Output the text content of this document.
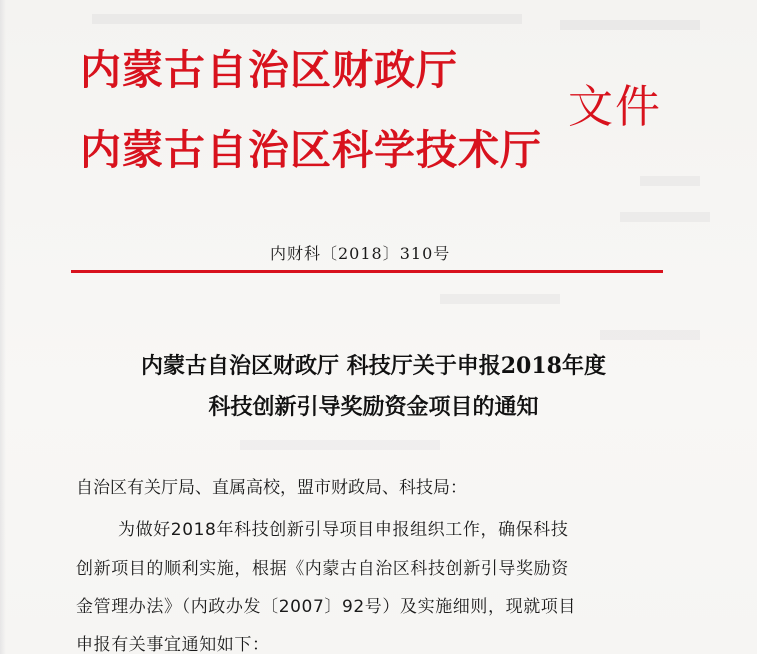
内蒙古自治区财政厅
内蒙古自治区科学技术厅
文件
内财科〔2018〕310号
内蒙古自治区财政厅 科技厅关于申报2018年度
科技创新引导奖励资金项目的通知
自治区有关厅局、直属高校，盟市财政局、科技局：
为做好2018年科技创新引导项目申报组织工作，确保科技
创新项目的顺利实施，根据《内蒙古自治区科技创新引导奖励资
金管理办法》（内政办发〔2007〕92号）及实施细则，现就项目
申报有关事宜通知如下：
